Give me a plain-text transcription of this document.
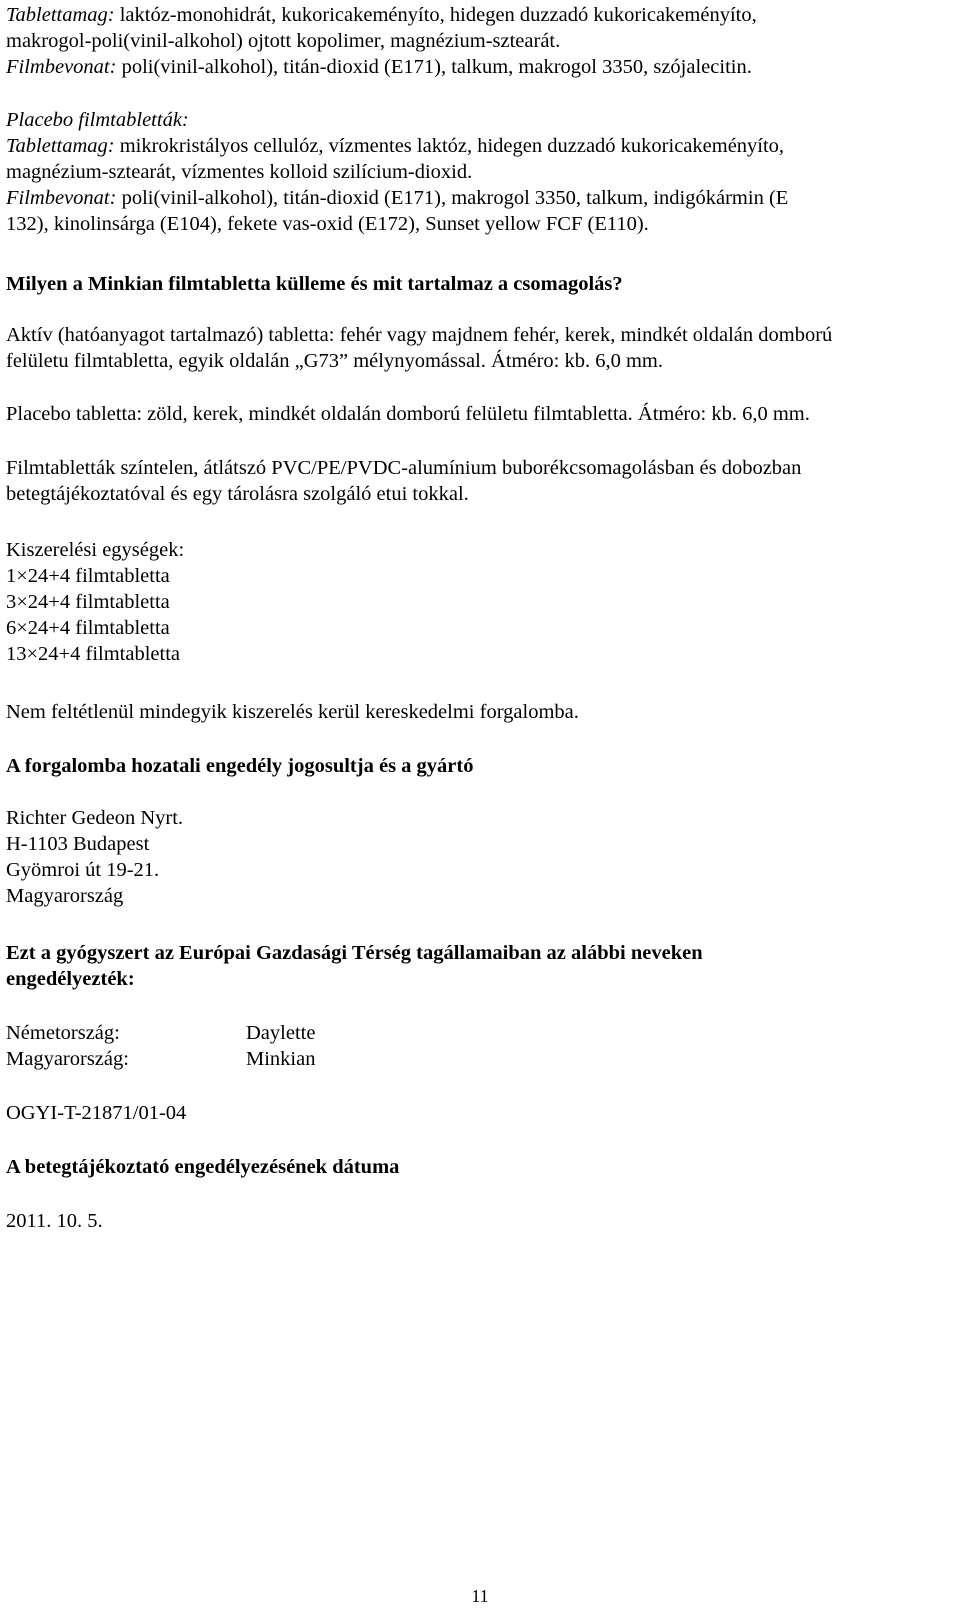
Tablettamag: laktóz-monohidrát, kukoricakeményíto, hidegen duzzadó kukoricakeményíto,
makrogol-poli(vinil-alkohol) ojtott kopolimer, magnézium-sztearát.
Filmbevonat: poli(vinil-alkohol), titán-dioxid (E171), talkum, makrogol 3350, szójalecitin.
Placebo filmtabletták:
Tablettamag: mikrokristályos cellulóz, vízmentes laktóz, hidegen duzzadó kukoricakeményíto,
magnézium-sztearát, vízmentes kolloid szilícium-dioxid.
Filmbevonat: poli(vinil-alkohol), titán-dioxid (E171), makrogol 3350, talkum, indigókármin (E
132), kinolinsárga (E104), fekete vas-oxid (E172), Sunset yellow FCF (E110).
Milyen a Minkian filmtabletta külleme és mit tartalmaz a csomagolás?
Aktív (hatóanyagot tartalmazó) tabletta: fehér vagy majdnem fehér, kerek, mindkét oldalán domború
felületu filmtabletta, egyik oldalán „G73” mélynyomással. Átméro: kb. 6,0 mm.
Placebo tabletta: zöld, kerek, mindkét oldalán domború felületu filmtabletta. Átméro: kb. 6,0 mm.
Filmtabletták színtelen, átlátszó PVC/PE/PVDC-alumínium buborékcsomagolásban és dobozban
betegtájékoztatóval és egy tárolásra szolgáló etui tokkal.
Kiszerelési egységek:
1×24+4 filmtabletta
3×24+4 filmtabletta
6×24+4 filmtabletta
13×24+4 filmtabletta
Nem feltétlenül mindegyik kiszerelés kerül kereskedelmi forgalomba.
A forgalomba hozatali engedély jogosultja és a gyártó
Richter Gedeon Nyrt.
H-1103 Budapest
Gyömroi út 19-21.
Magyarország
Ezt a gyógyszert az Európai Gazdasági Térség tagállamaiban az alábbi neveken
engedélyezték:
Németország:	Daylette
Magyarország:	Minkian
OGYI-T-21871/01-04
A betegtájékoztató engedélyezésének dátuma
2011. 10. 5.
11
